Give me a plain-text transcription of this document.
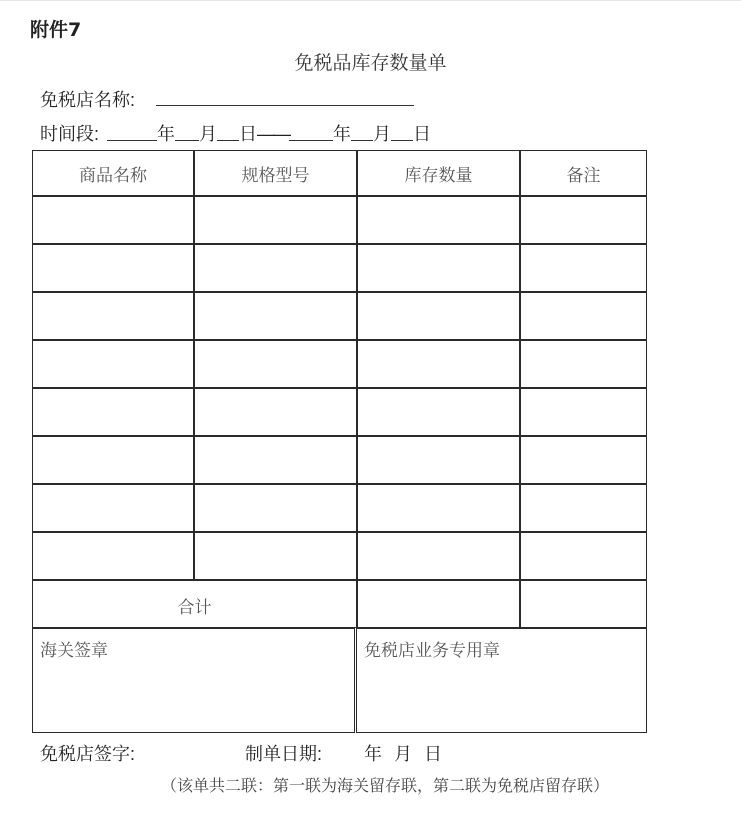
附件7
免税品库存数量单
免税店名称:
时间段:	年 月 日—— 年 月 日
商品名称	规格型号	库存数量	备注
合计
海关签章	免税店业务专用章
免税店签字:	制单日期: 年 月 日
（该单共二联：第一联为海关留存联，第二联为免税店留存联）
